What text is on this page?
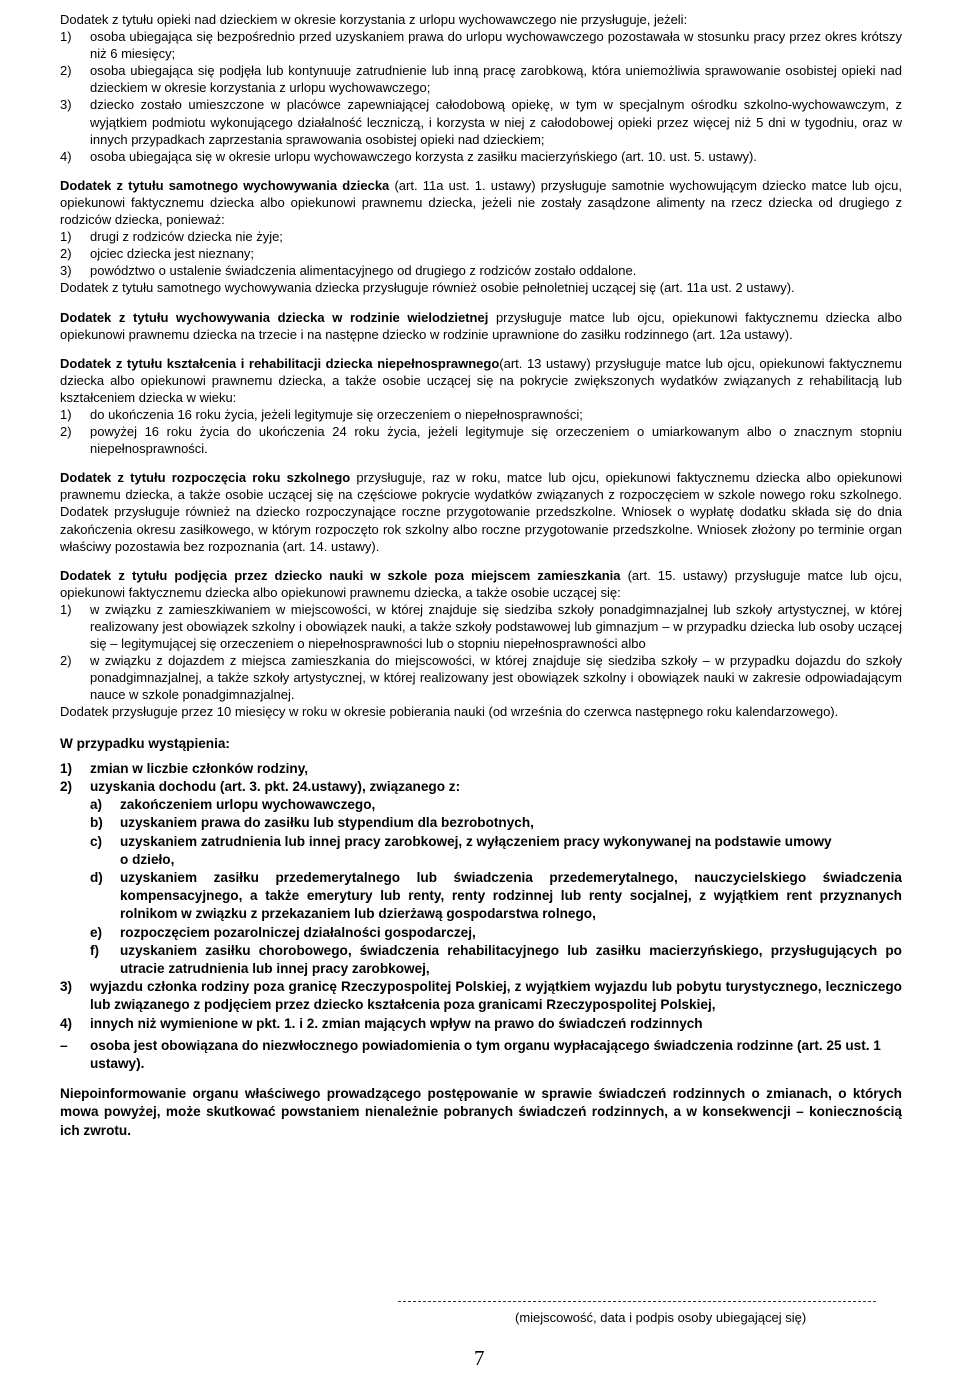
Dodatek z tytułu opieki nad dzieckiem w okresie korzystania z urlopu wychowawczego nie przysługuje, jeżeli:

1)	osoba ubiegająca się bezpośrednio przed uzyskaniem prawa do urlopu wychowawczego pozostawała w stosunku pracy przez okres krótszy niż 6 miesięcy;
2)	osoba ubiegająca się podjęła lub kontynuuje zatrudnienie lub inną pracę zarobkową, która uniemożliwia sprawowanie osobistej opieki nad dzieckiem w okresie korzystania z urlopu wychowawczego;
3)	dziecko zostało umieszczone w placówce zapewniającej całodobową opiekę, w tym w specjalnym ośrodku szkolno-wychowawczym, z wyjątkiem podmiotu wykonującego działalność leczniczą, i korzysta w niej z całodobowej opieki przez więcej niż 5 dni w tygodniu, oraz w innych przypadkach zaprzestania sprawowania osobistej opieki nad dzieckiem;
4)	osoba ubiegająca się w okresie urlopu wychowawczego korzysta z zasiłku macierzyńskiego (art. 10. ust. 5. ustawy).

Dodatek z tytułu samotnego wychowywania dziecka (art. 11a ust. 1. ustawy) przysługuje samotnie wychowującym dziecko matce lub ojcu, opiekunowi faktycznemu dziecka albo opiekunowi prawnemu dziecka, jeżeli nie zostały zasądzone alimenty na rzecz dziecka od drugiego z rodziców dziecka, ponieważ:

1)	drugi z rodziców dziecka nie żyje;
2)	ojciec dziecka jest nieznany;
3)	powództwo o ustalenie świadczenia alimentacyjnego od drugiego z rodziców zostało oddalone.

Dodatek z tytułu samotnego wychowywania dziecka przysługuje również osobie pełnoletniej uczącej się (art. 11a ust. 2 ustawy).

Dodatek z tytułu wychowywania dziecka w rodzinie wielodzietnej przysługuje matce lub ojcu, opiekunowi faktycznemu dziecka albo opiekunowi prawnemu dziecka na trzecie i na następne dziecko w rodzinie uprawnione do zasiłku rodzinnego (art. 12a ustawy).

Dodatek z tytułu kształcenia i rehabilitacji dziecka niepełnosprawnego(art. 13 ustawy) przysługuje matce lub ojcu, opiekunowi faktycznemu dziecka albo opiekunowi prawnemu dziecka, a także osobie uczącej się na pokrycie zwiększonych wydatków związanych z rehabilitacją lub kształceniem dziecka w wieku:

1)	do ukończenia 16 roku życia, jeżeli legitymuje się orzeczeniem o niepełnosprawności;
2)	powyżej 16 roku życia do ukończenia 24 roku życia, jeżeli legitymuje się orzeczeniem o umiarkowanym albo o znacznym stopniu niepełnosprawności.

Dodatek z tytułu rozpoczęcia roku szkolnego przysługuje, raz w roku, matce lub ojcu, opiekunowi faktycznemu dziecka albo opiekunowi prawnemu dziecka, a także osobie uczącej się na częściowe pokrycie wydatków związanych z rozpoczęciem w szkole nowego roku szkolnego. Dodatek przysługuje również na dziecko rozpoczynające roczne przygotowanie przedszkolne. Wniosek o wypłatę dodatku składa się do dnia zakończenia okresu zasiłkowego, w którym rozpoczęto rok szkolny albo roczne przygotowanie przedszkolne. Wniosek złożony po terminie organ właściwy pozostawia bez rozpoznania (art. 14. ustawy).

Dodatek z tytułu podjęcia przez dziecko nauki w szkole poza miejscem zamieszkania (art. 15. ustawy) przysługuje matce lub ojcu, opiekunowi faktycznemu dziecka albo opiekunowi prawnemu dziecka, a także osobie uczącej się:

1)	w związku z zamieszkiwaniem w miejscowości, w której znajduje się siedziba szkoły ponadgimnazjalnej lub szkoły artystycznej, w której realizowany jest obowiązek szkolny i obowiązek nauki, a także szkoły podstawowej lub gimnazjum – w przypadku dziecka lub osoby uczącej się – legitymującej się orzeczeniem o niepełnosprawności lub o stopniu niepełnosprawności albo
2)	w związku z dojazdem z miejsca zamieszkania do miejscowości, w której znajduje się siedziba szkoły – w przypadku dojazdu do szkoły ponadgimnazjalnej, a także szkoły artystycznej, w której realizowany jest obowiązek szkolny i obowiązek nauki w zakresie odpowiadającym nauce w szkole ponadgimnazjalnej.

Dodatek przysługuje przez 10 miesięcy w roku w okresie pobierania nauki (od września do czerwca następnego roku kalendarzowego).

W przypadku wystąpienia:

1)	zmian w liczbie członków rodziny,
2)	uzyskania dochodu (art. 3. pkt. 24.ustawy), związanego z:
a)	zakończeniem urlopu wychowawczego,
b)	uzyskaniem prawa do zasiłku lub stypendium dla bezrobotnych,
c)	uzyskaniem zatrudnienia lub innej pracy zarobkowej, z wyłączeniem pracy wykonywanej na podstawie umowy
o dzieło,
d)	uzyskaniem zasiłku przedemerytalnego lub świadczenia przedemerytalnego, nauczycielskiego świadczenia kompensacyjnego, a także emerytury lub renty, renty rodzinnej lub renty socjalnej, z wyjątkiem rent przyznanych rolnikom w związku z przekazaniem lub dzierżawą gospodarstwa rolnego,
e)	rozpoczęciem pozarolniczej działalności gospodarczej,
f)	uzyskaniem zasiłku chorobowego, świadczenia rehabilitacyjnego lub zasiłku macierzyńskiego, przysługujących po utracie zatrudnienia lub innej pracy zarobkowej,
3)	wyjazdu członka rodziny poza granicę Rzeczypospolitej Polskiej, z wyjątkiem wyjazdu lub pobytu turystycznego, leczniczego lub związanego z podjęciem przez dziecko kształcenia poza granicami Rzeczypospolitej Polskiej,
4)	innych niż wymienione w pkt. 1. i 2. zmian mających wpływ na prawo do świadczeń rodzinnych
–	osoba jest obowiązana do niezwłocznego powiadomienia o tym organu wypłacającego świadczenia rodzinne (art. 25 ust. 1 ustawy).

Niepoinformowanie organu właściwego prowadzącego postępowanie w sprawie świadczeń rodzinnych o zmianach, o których mowa powyżej, może skutkować powstaniem nienależnie pobranych świadczeń rodzinnych, a w konsekwencji – koniecznością ich zwrotu.

(miejscowość, data i podpis osoby ubiegającej się)
7
